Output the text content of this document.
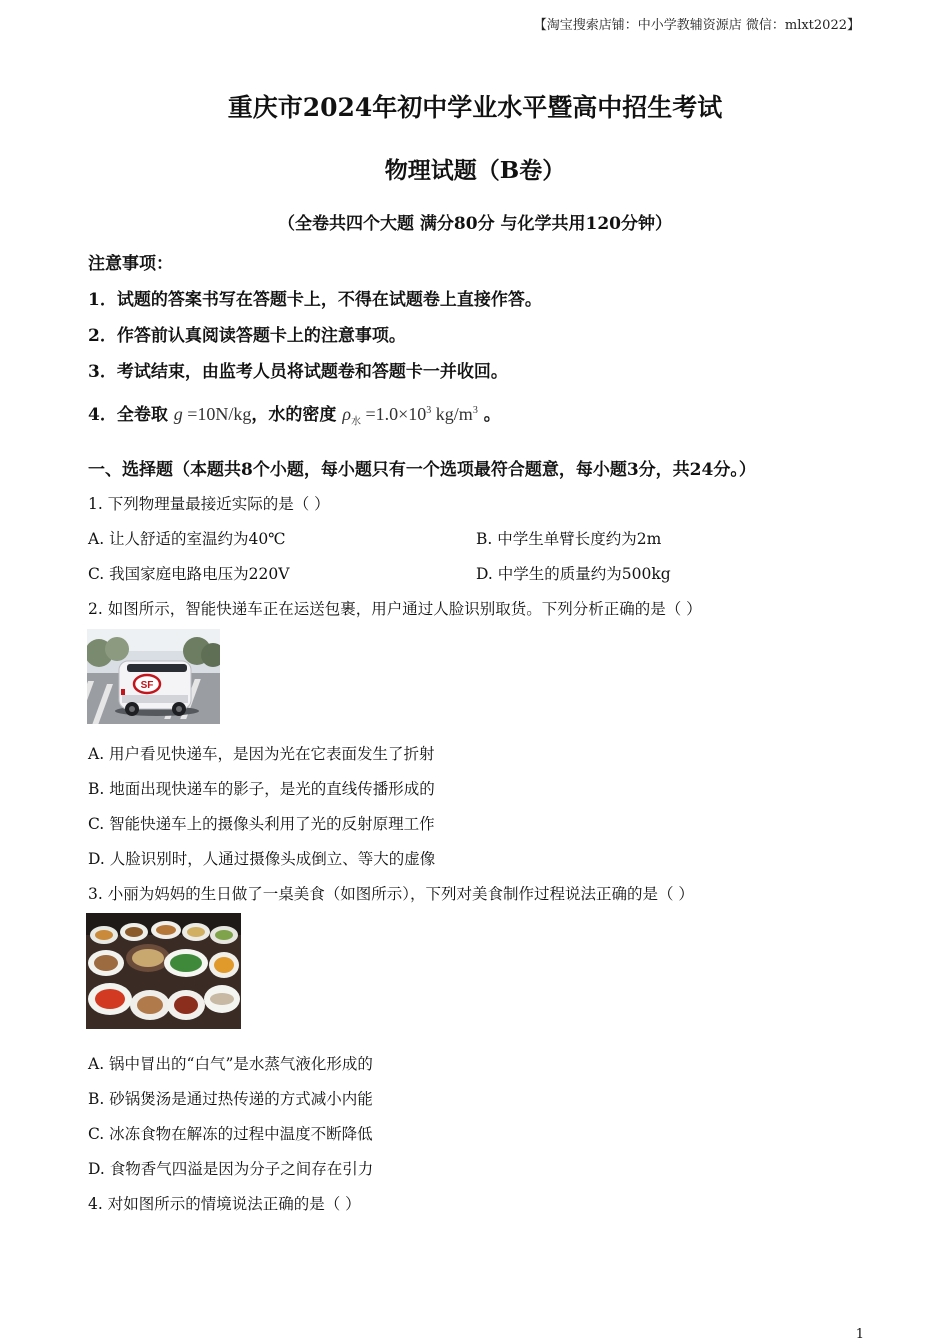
【淘宝搜索店铺：中小学教辅资源店 微信：mlxt2022】
重庆市2024年初中学业水平暨高中招生考试
物理试题（B卷）
（全卷共四个大题 满分80分 与化学共用120分钟）
注意事项：
1．试题的答案书写在答题卡上，不得在试题卷上直接作答。
2．作答前认真阅读答题卡上的注意事项。
3．考试结束，由监考人员将试题卷和答题卡一并收回。
4．全卷取 g =10N/kg，水的密度 $\rho_水 =1.0\times 10^3$ $kg/m^3$ 。
一、选择题（本题共8个小题，每小题只有一个选项最符合题意，每小题3分，共24分。）
1. 下列物理量最接近实际的是（ ）
A. 让人舒适的室温约为40℃	B. 中学生单臂长度约为2m
C. 我国家庭电路电压为220V	D. 中学生的质量约为500kg
2. 如图所示，智能快递车正在运送包裹，用户通过人脸识别取货。下列分析正确的是（ ）
SF
A. 用户看见快递车，是因为光在它表面发生了折射
B. 地面出现快递车的影子，是光的直线传播形成的
C. 智能快递车上的摄像头利用了光的反射原理工作
D. 人脸识别时，人通过摄像头成倒立、等大的虚像
3. 小丽为妈妈的生日做了一桌美食（如图所示），下列对美食制作过程说法正确的是（ ）
A. 锅中冒出的“白气”是水蒸气液化形成的
B. 砂锅煲汤是通过热传递的方式减小内能
C. 冰冻食物在解冻的过程中温度不断降低
D. 食物香气四溢是因为分子之间存在引力
4. 对如图所示的情境说法正确的是（ ）
1
